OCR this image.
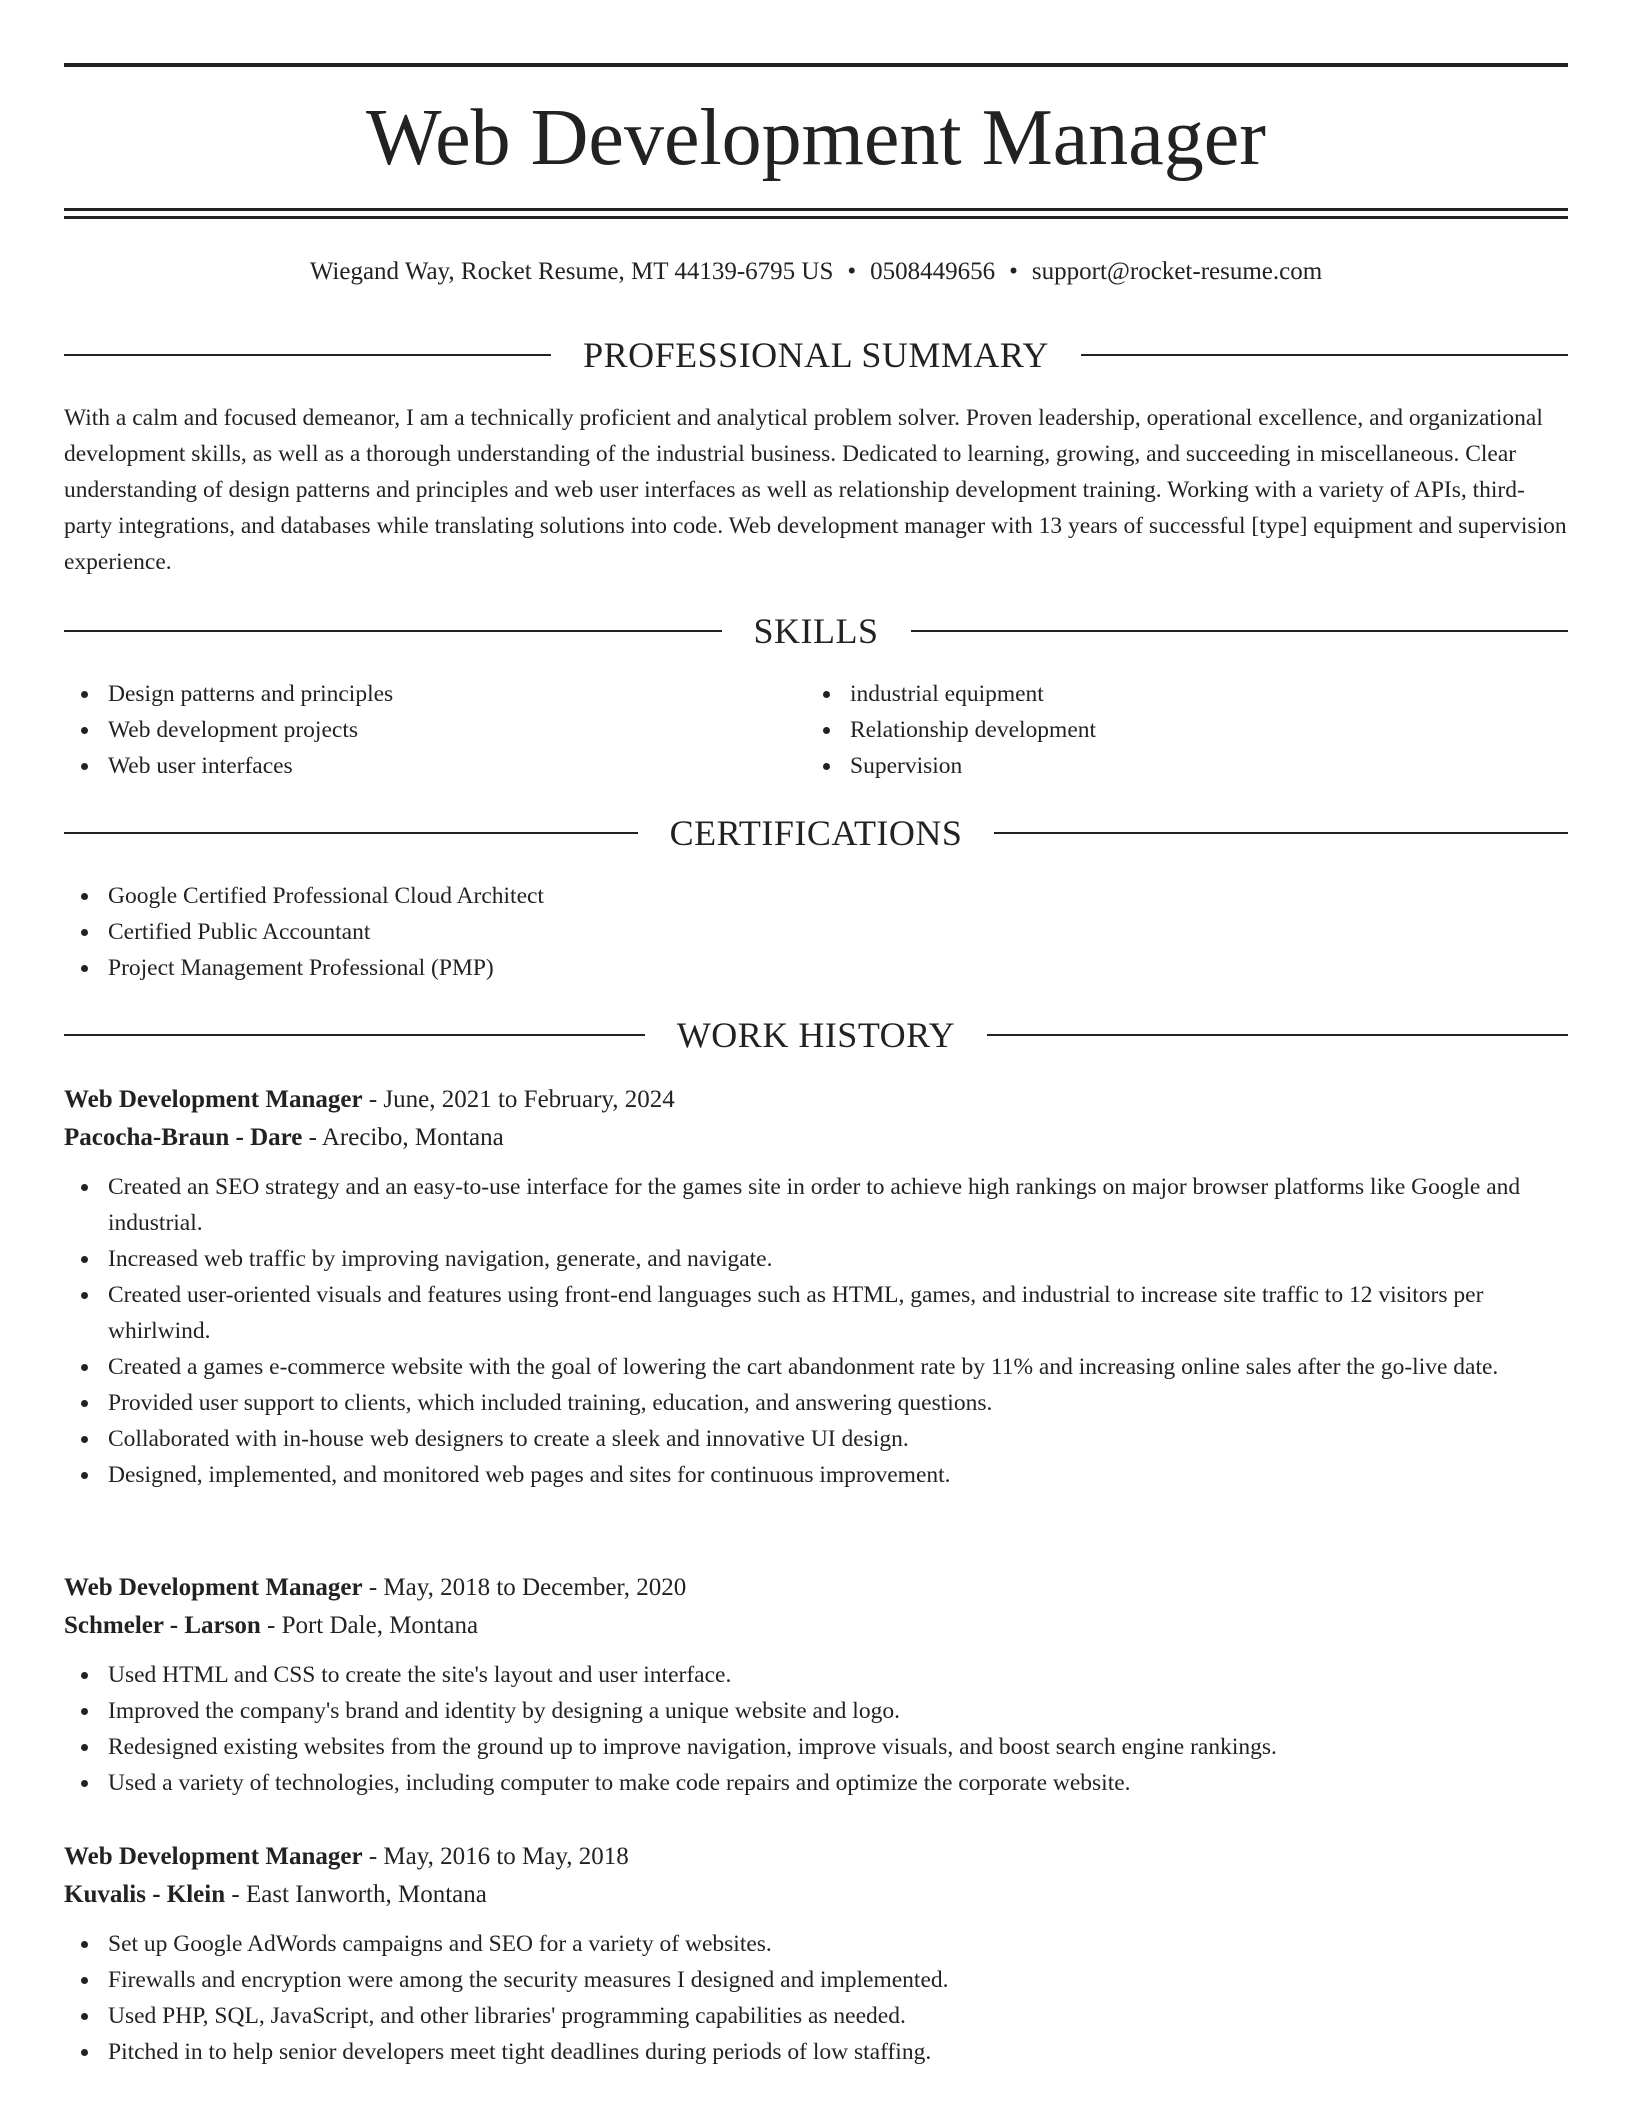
Web Development Manager
Wiegand Way, Rocket Resume, MT 44139-6795 US • 0508449656 • support@rocket-resume.com
PROFESSIONAL SUMMARY

With a calm and focused demeanor, I am a technically proficient and analytical problem solver. Proven leadership, operational excellence, and organizational development skills, as well as a thorough understanding of the industrial business. Dedicated to learning, growing, and succeeding in miscellaneous. Clear understanding of design patterns and principles and web user interfaces as well as relationship development training. Working with a variety of APIs, third-party integrations, and databases while translating solutions into code. Web development manager with 13 years of successful [type] equipment and supervision experience.

SKILLS
Design patterns and principles
Web development projects
Web user interfaces
industrial equipment
Relationship development
Supervision
CERTIFICATIONS
Google Certified Professional Cloud Architect
Certified Public Accountant
Project Management Professional (PMP)
WORK HISTORY
Web Development Manager - June, 2021 to February, 2024
Pacocha-Braun - Dare - Arecibo, Montana
Created an SEO strategy and an easy-to-use interface for the games site in order to achieve high rankings on major browser platforms like Google and industrial.
Increased web traffic by improving navigation, generate, and navigate.
Created user-oriented visuals and features using front-end languages such as HTML, games, and industrial to increase site traffic to 12 visitors per whirlwind.
Created a games e-commerce website with the goal of lowering the cart abandonment rate by 11% and increasing online sales after the go-live date.
Provided user support to clients, which included training, education, and answering questions.
Collaborated with in-house web designers to create a sleek and innovative UI design.
Designed, implemented, and monitored web pages and sites for continuous improvement.
Web Development Manager - May, 2018 to December, 2020
Schmeler - Larson - Port Dale, Montana
Used HTML and CSS to create the site's layout and user interface.
Improved the company's brand and identity by designing a unique website and logo.
Redesigned existing websites from the ground up to improve navigation, improve visuals, and boost search engine rankings.
Used a variety of technologies, including computer to make code repairs and optimize the corporate website.
Web Development Manager - May, 2016 to May, 2018
Kuvalis - Klein - East Ianworth, Montana
Set up Google AdWords campaigns and SEO for a variety of websites.
Firewalls and encryption were among the security measures I designed and implemented.
Used PHP, SQL, JavaScript, and other libraries' programming capabilities as needed.
Pitched in to help senior developers meet tight deadlines during periods of low staffing.
